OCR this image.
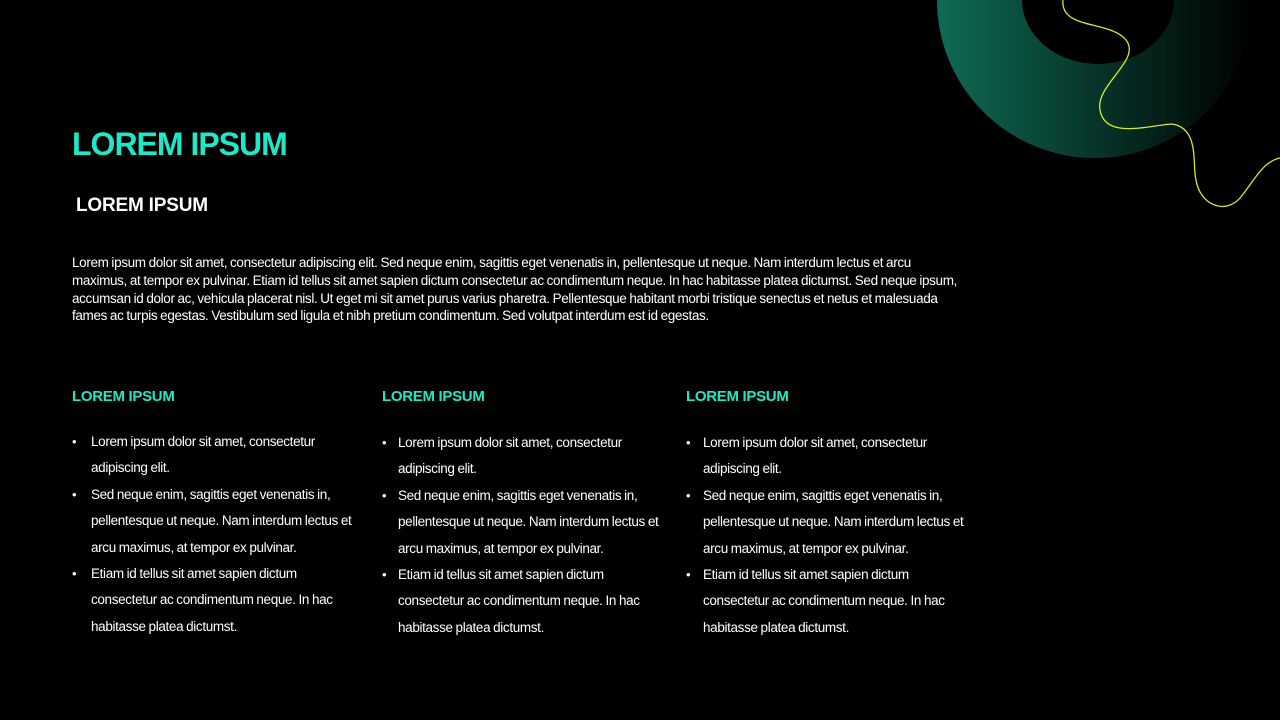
LOREM IPSUM
LOREM IPSUM

Lorem ipsum dolor sit amet, consectetur adipiscing elit. Sed neque enim, sagittis eget venenatis in, pellentesque ut neque. Nam interdum lectus et arcu maximus, at tempor ex pulvinar. Etiam id tellus sit amet sapien dictum consectetur ac condimentum neque. In hac habitasse platea dictumst. Sed neque ipsum, accumsan id dolor ac, vehicula placerat nisl. Ut eget mi sit amet purus varius pharetra. Pellentesque habitant morbi tristique senectus et netus et malesuada fames ac turpis egestas. Vestibulum sed ligula et nibh pretium condimentum. Sed volutpat interdum est id egestas.

LOREM IPSUM
• Lorem ipsum dolor sit amet, consectetur adipiscing elit.
• Sed neque enim, sagittis eget venenatis in, pellentesque ut neque. Nam interdum lectus et arcu maximus, at tempor ex pulvinar.
• Etiam id tellus sit amet sapien dictum consectetur ac condimentum neque. In hac habitasse platea dictumst.
LOREM IPSUM
• Lorem ipsum dolor sit amet, consectetur adipiscing elit.
• Sed neque enim, sagittis eget venenatis in, pellentesque ut neque. Nam interdum lectus et arcu maximus, at tempor ex pulvinar.
• Etiam id tellus sit amet sapien dictum consectetur ac condimentum neque. In hac habitasse platea dictumst.
LOREM IPSUM
• Lorem ipsum dolor sit amet, consectetur adipiscing elit.
• Sed neque enim, sagittis eget venenatis in, pellentesque ut neque. Nam interdum lectus et arcu maximus, at tempor ex pulvinar.
• Etiam id tellus sit amet sapien dictum consectetur ac condimentum neque. In hac habitasse platea dictumst.
